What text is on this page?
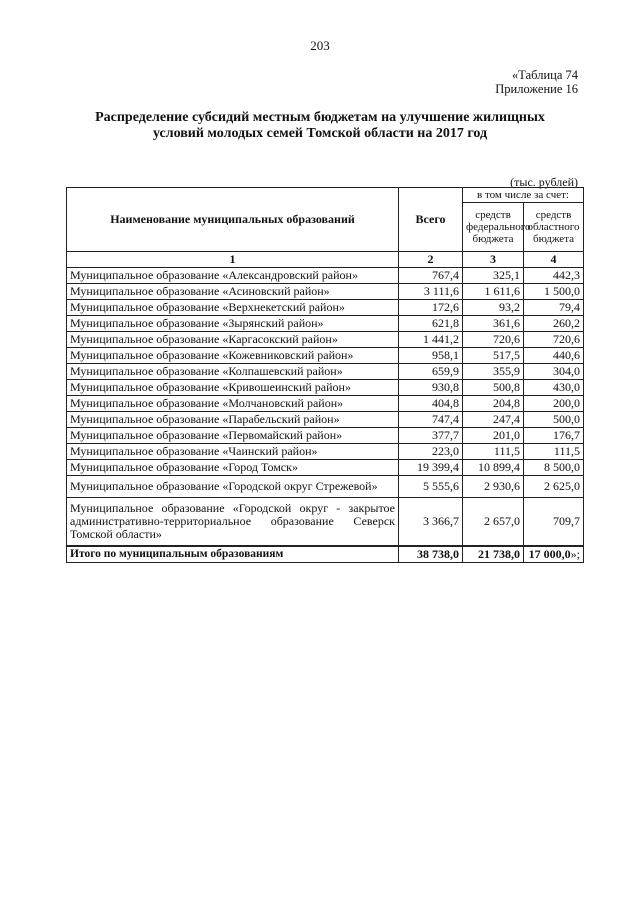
203
«Таблица 74
Приложение 16
Распределение субсидий местным бюджетам на улучшение жилищных условий молодых семей Томской области на 2017 год
(тыс. рублей)
Наименование муниципальных образований	Всего	в том числе за счет:	
		средств федерального бюджета	средств областного бюджета
1	2	3	4
Муниципальное образование «Александровский район»	767,4	325,1	442,3
Муниципальное образование «Асиновский район»	3 111,6	1 611,6	1 500,0
Муниципальное образование «Верхнекетский район»	172,6	93,2	79,4
Муниципальное образование «Зырянский район»	621,8	361,6	260,2
Муниципальное образование «Каргасокский район»	1 441,2	720,6	720,6
Муниципальное образование «Кожевниковский район»	958,1	517,5	440,6
Муниципальное образование «Колпашевский район»	659,9	355,9	304,0
Муниципальное образование «Кривошеинский район»	930,8	500,8	430,0
Муниципальное образование «Молчановский район»	404,8	204,8	200,0
Муниципальное образование «Парабельский район»	747,4	247,4	500,0
Муниципальное образование «Первомайский район»	377,7	201,0	176,7
Муниципальное образование «Чаинский район»	223,0	111,5	111,5
Муниципальное образование «Город Томск»	19 399,4	10 899,4	8 500,0
Муниципальное образование «Городской округ Стрежевой»	5 555,6	2 930,6	2 625,0
Муниципальное образование «Городской округ - закрытое административно-территориальное образование Северск Томской области»	3 366,7	2 657,0	709,7
Итого по муниципальным образованиям	38 738,0	21 738,0	17 000,0»;
